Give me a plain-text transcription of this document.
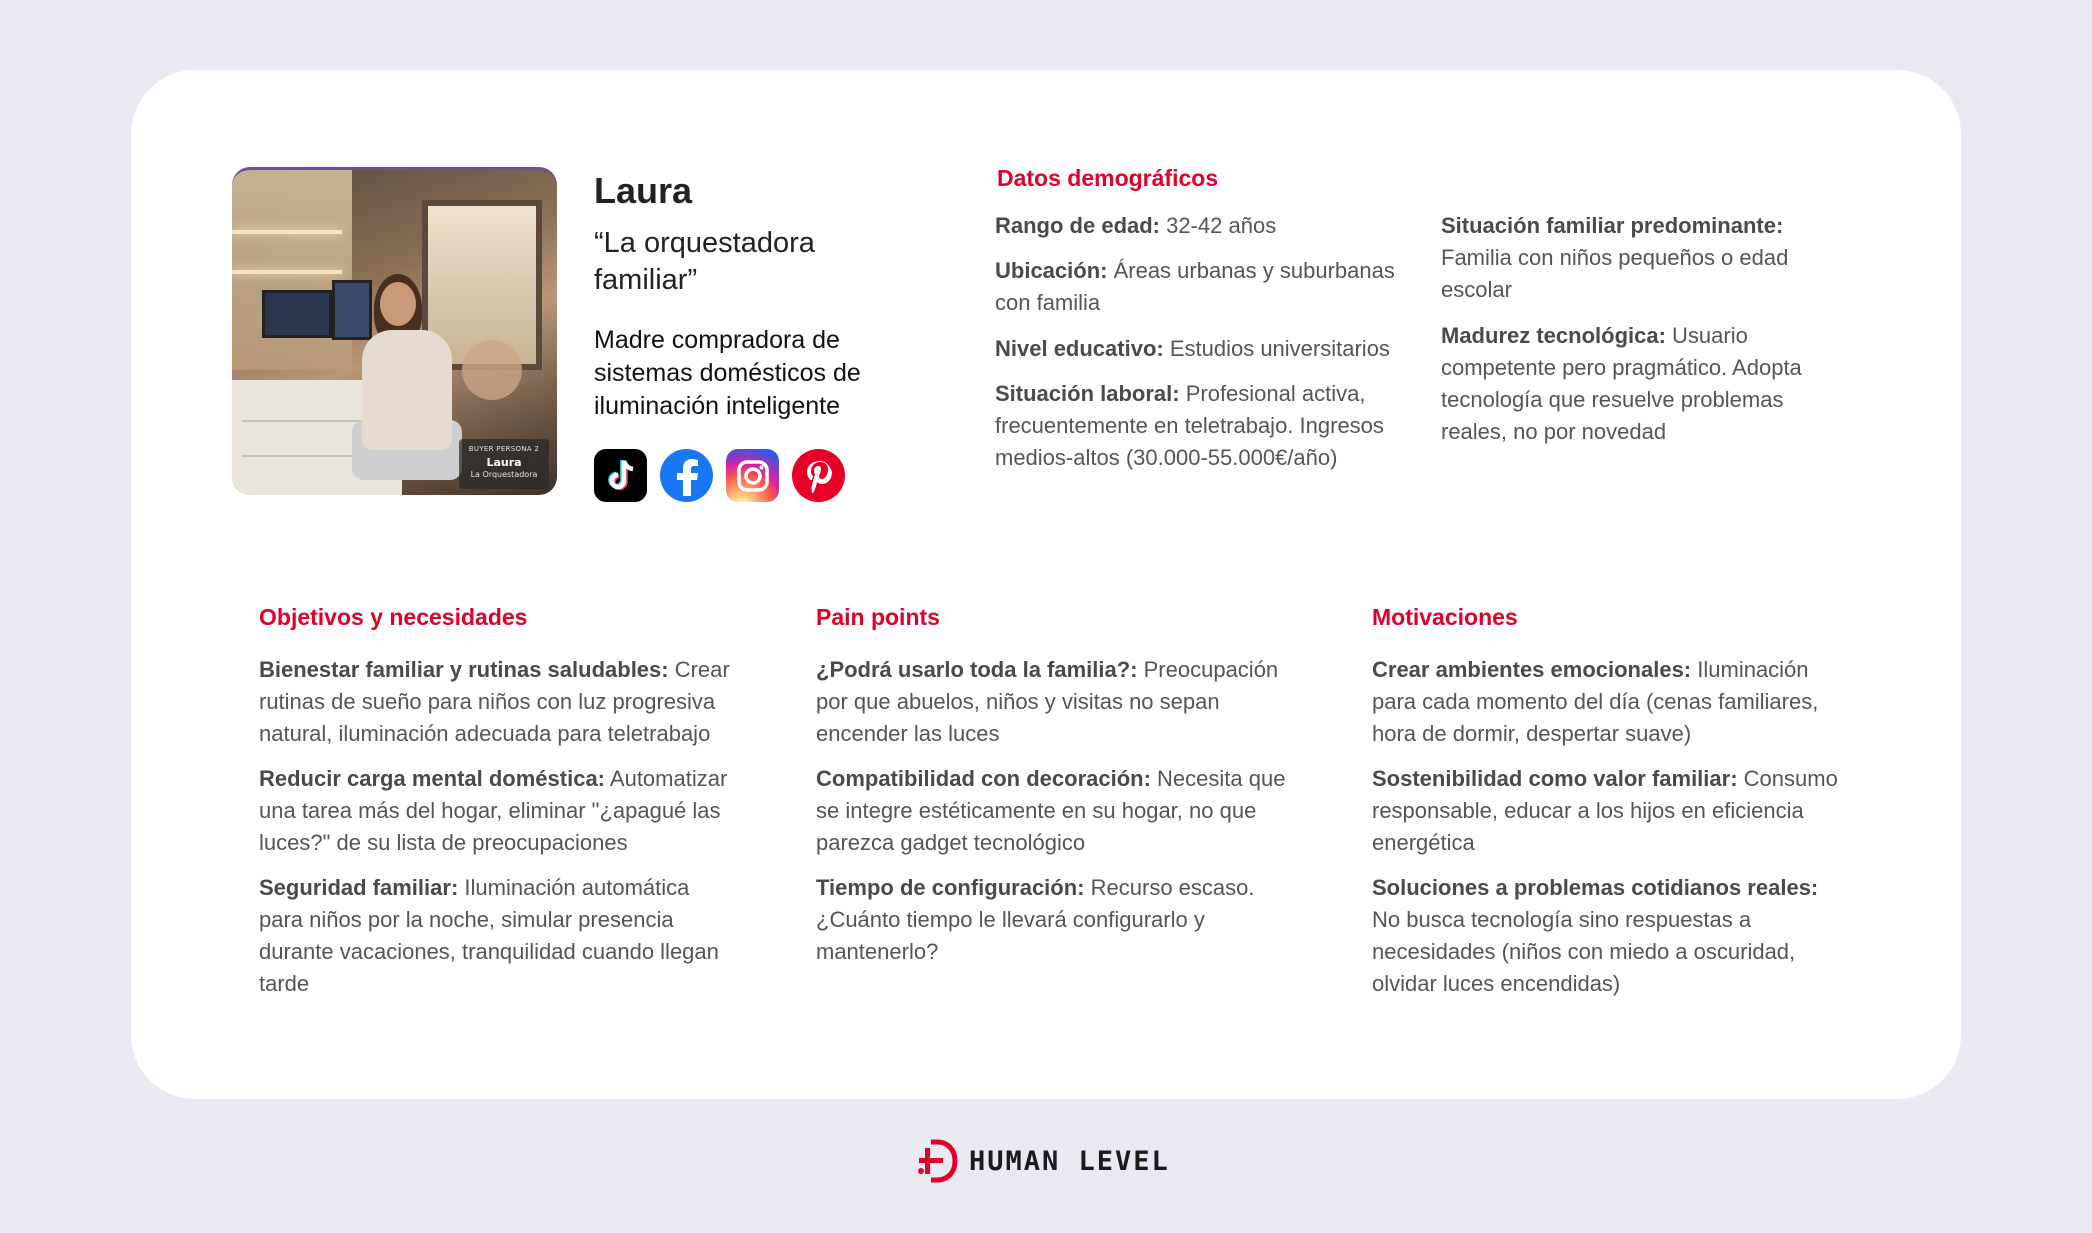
BUYER PERSONA 2
Laura
La Orquestadora
Laura
“La orquestadora familiar”
Madre compradora de sistemas domésticos de iluminación inteligente
Datos demográficos
Rango de edad: 32-42 años
Ubicación: Áreas urbanas y suburbanas con familia
Nivel educativo: Estudios universitarios
Situación laboral: Profesional activa, frecuentemente en teletrabajo. Ingresos medios-altos (30.000-55.000€/año)
Situación familiar predominante: Familia con niños pequeños o edad escolar
Madurez tecnológica: Usuario competente pero pragmático. Adopta tecnología que resuelve problemas reales, no por novedad
Objetivos y necesidades
Bienestar familiar y rutinas saludables: Crear rutinas de sueño para niños con luz progresiva natural, iluminación adecuada para teletrabajo
Reducir carga mental doméstica: Automatizar una tarea más del hogar, eliminar "¿apagué las luces?" de su lista de preocupaciones
Seguridad familiar: Iluminación automática para niños por la noche, simular presencia durante vacaciones, tranquilidad cuando llegan tarde
Pain points
¿Podrá usarlo toda la familia?: Preocupación por que abuelos, niños y visitas no sepan encender las luces
Compatibilidad con decoración: Necesita que se integre estéticamente en su hogar, no que parezca gadget tecnológico
Tiempo de configuración: Recurso escaso. ¿Cuánto tiempo le llevará configurarlo y mantenerlo?
Motivaciones
Crear ambientes emocionales: Iluminación para cada momento del día (cenas familiares, hora de dormir, despertar suave)
Sostenibilidad como valor familiar: Consumo responsable, educar a los hijos en eficiencia energética
Soluciones a problemas cotidianos reales: No busca tecnología sino respuestas a necesidades (niños con miedo a oscuridad, olvidar luces encendidas)
HUMAN LEVEL
